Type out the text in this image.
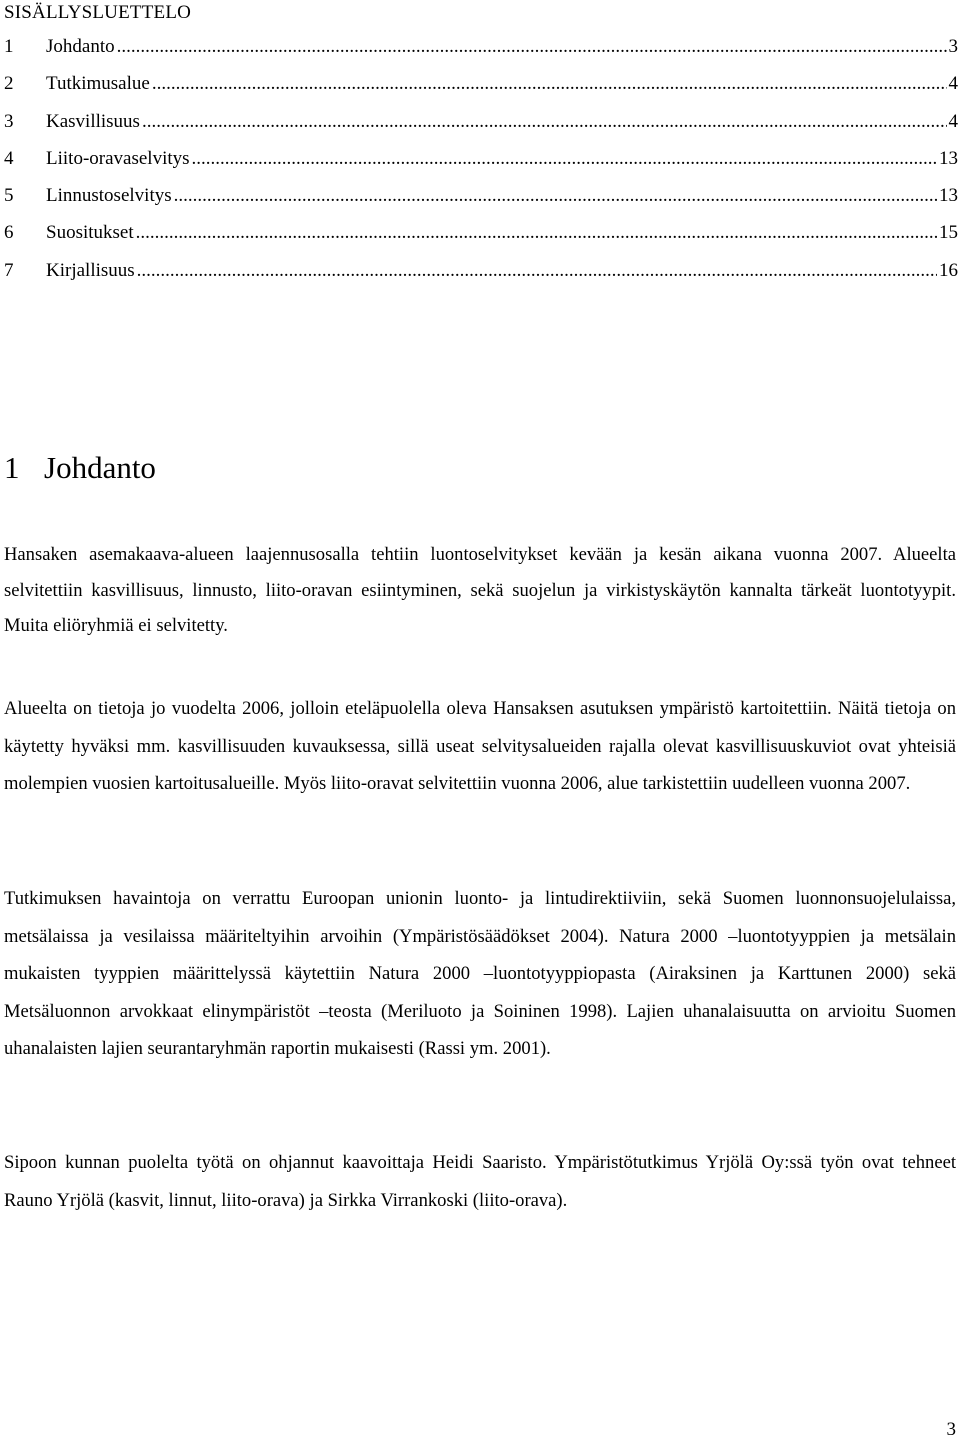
SISÄLLYSLUETTELO
1	Johdanto .....	3
2	Tutkimusalue .....	4
3	Kasvillisuus .....	4
4	Liito-oravaselvitys .....	13
5	Linnustoselvitys .....	13
6	Suositukset .....	15
7	Kirjallisuus .....	16
1 Johdanto

Hansaken asemakaava-alueen laajennusosalla tehtiin luontoselvitykset kevään ja kesän aikana vuonna 2007. Alueelta selvitettiin kasvillisuus, linnusto, liito-oravan esiintyminen, sekä suojelun ja virkistyskäytön kannalta tärkeät luontotyypit. Muita eliöryhmiä ei selvitetty.

Alueelta on tietoja jo vuodelta 2006, jolloin eteläpuolella oleva Hansaksen asutuksen ympäristö kartoitettiin. Näitä tietoja on käytetty hyväksi mm. kasvillisuuden kuvauksessa, sillä useat selvitysalueiden rajalla olevat kasvillisuuskuviot ovat yhteisiä molempien vuosien kartoitusalueille. Myös liito-oravat selvitettiin vuonna 2006, alue tarkistettiin uudelleen vuonna 2007.

Tutkimuksen havaintoja on verrattu Euroopan unionin luonto- ja lintudirektiiviin, sekä Suomen luonnonsuojelulaissa, metsälaissa ja vesilaissa määriteltyihin arvoihin (Ympäristösäädökset 2004). Natura 2000 –luontotyyppien ja metsälain mukaisten tyyppien määrittelyssä käytettiin Natura 2000 –luontotyyppiopasta (Airaksinen ja Karttunen 2000) sekä Metsäluonnon arvokkaat elinympäristöt –teosta (Meriluoto ja Soininen 1998). Lajien uhanalaisuutta on arvioitu Suomen uhanalaisten lajien seurantaryhmän raportin mukaisesti (Rassi ym. 2001).

Sipoon kunnan puolelta työtä on ohjannut kaavoittaja Heidi Saaristo. Ympäristötutkimus Yrjölä Oy:ssä työn ovat tehneet Rauno Yrjölä (kasvit, linnut, liito-orava) ja Sirkka Virrankoski (liito-orava).

3
